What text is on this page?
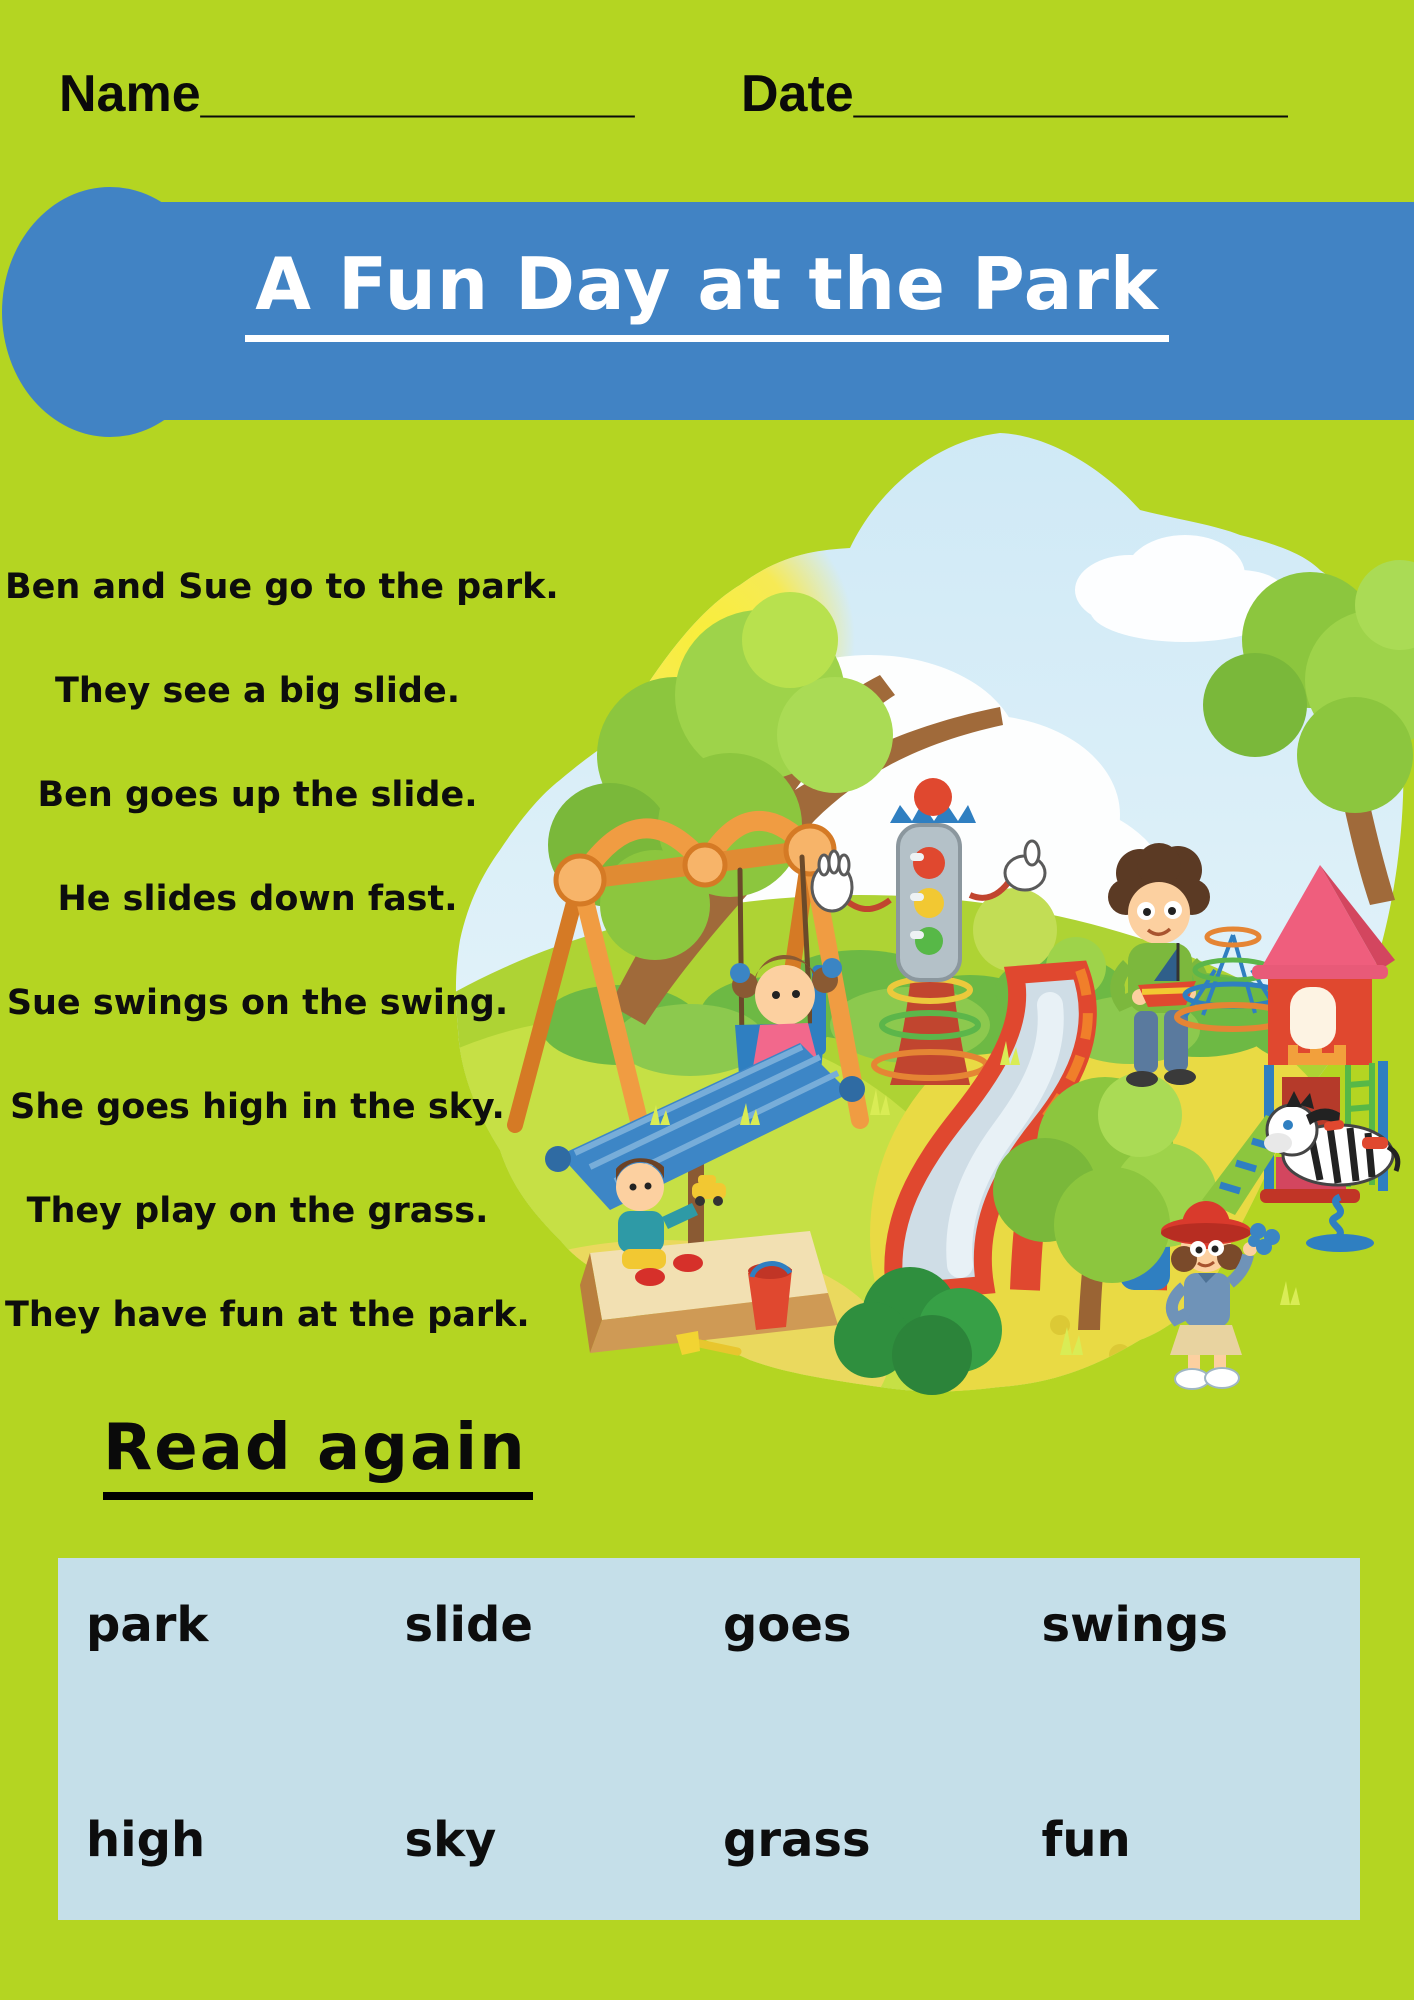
Name_______________ Date_______________
A Fun Day at the Park
Ben and Sue go to the park.
They see a big slide.
Ben goes up the slide.
He slides down fast.
Sue swings on the swing.
She goes high in the sky.
They play on the grass.
They have fun at the park.
Read again
park	slide	goes	swings
high	sky	grass	fun
